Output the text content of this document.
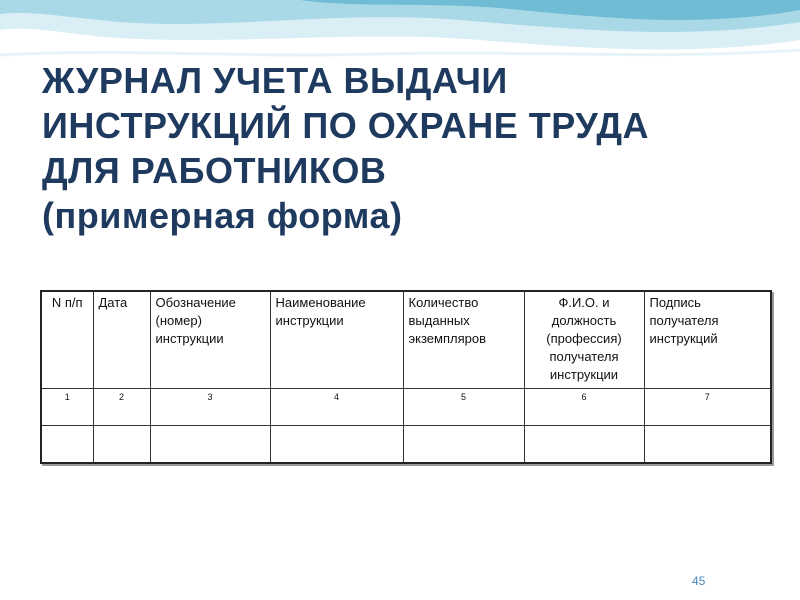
ЖУРНАЛ УЧЕТА ВЫДАЧИ
ИНСТРУКЦИЙ ПО ОХРАНЕ ТРУДА
ДЛЯ РАБОТНИКОВ
(примерная форма)
N п/п	Дата	Обозначение (номер) инструкции	Наименование инструкции	Количество выданных экземпляров	Ф.И.О. и должность (профессия) получателя инструкции	Подпись получателя инструкций
1	2	3	4	5	6	7

45
